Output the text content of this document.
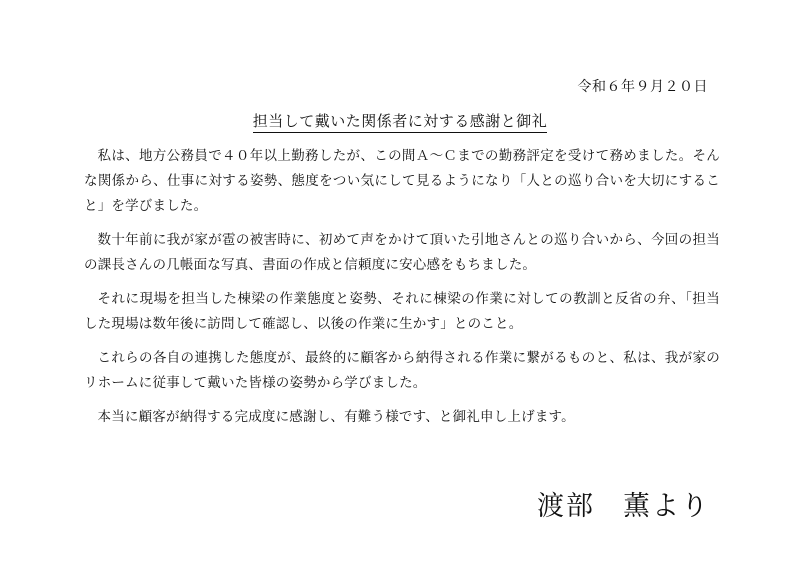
令和６年９月２０日
担当して戴いた関係者に対する感謝と御礼

私は、地方公務員で４０年以上勤務したが、この間Ａ～Ｃまでの勤務評定を受けて務めました。そんな関係から、仕事に対する姿勢、態度をつい気にして見るようになり「人との巡り合いを大切にすること」を学びました。

数十年前に我が家が雹の被害時に、初めて声をかけて頂いた引地さんとの巡り合いから、今回の担当の課長さんの几帳面な写真、書面の作成と信頼度に安心感をもちました。

それに現場を担当した棟梁の作業態度と姿勢、それに棟梁の作業に対しての教訓と反省の弁、「担当した現場は数年後に訪問して確認し、以後の作業に生かす」とのこと。

これらの各自の連携した態度が、最終的に顧客から納得される作業に繋がるものと、私は、我が家のリホームに従事して戴いた皆様の姿勢から学びました。

本当に顧客が納得する完成度に感謝し、有難う様です、と御礼申し上げます。

渡部 薫より
